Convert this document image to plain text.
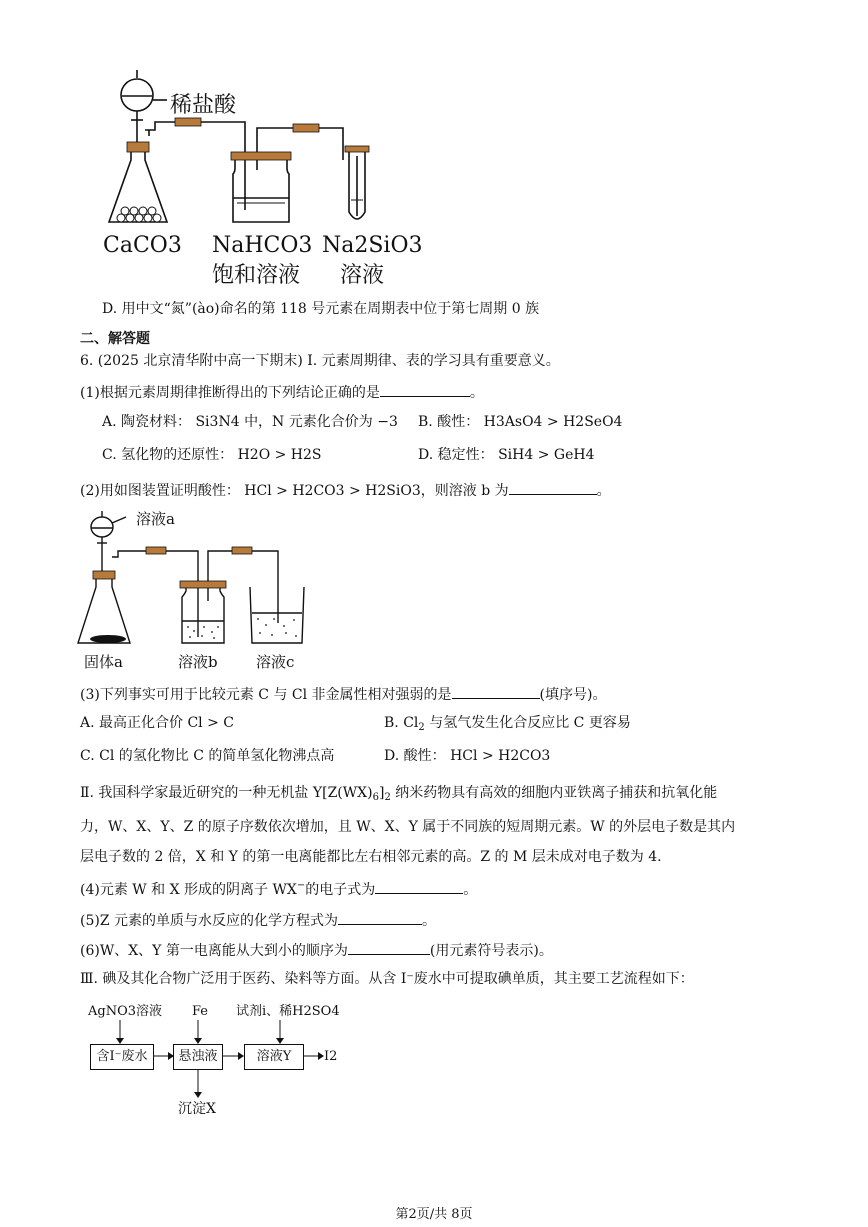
稀盐酸
CaCO3 NaHCO3
饱和溶液
Na2SiO3
溶液
D. 用中文“氮”(ào)命名的第 118 号元素在周期表中位于第七周期 0 族
二、解答题
6. (2025 北京清华附中高一下期末) Ⅰ. 元素周期律、表的学习具有重要意义。
(1)根据元素周期律推断得出的下列结论正确的是	。
A. 陶瓷材料： Si3N4 中，N 元素化合价为 −3 B. 酸性： H3AsO4 > H2SeO4
C. 氢化物的还原性： H2O > H2S	D. 稳定性： SiH4 > GeH4
(2)用如图装置证明酸性： HCl > H2CO3 > H2SiO3，则溶液 b 为	。
溶液a
固体a	溶液b	溶液c
(3)下列事实可用于比较元素 C 与 Cl 非金属性相对强弱的是	(填序号)。
A. 最高正化合价 Cl > C	B. $Cl_2$ 与氢气发生化合反应比 C 更容易
C. Cl 的氢化物比 C 的简单氢化物沸点高	D. 酸性： HCl > H2CO3
Ⅱ. 我国科学家最近研究的一种无机盐 $Y[Z(WX)_6]_2$ 纳米药物具有高效的细胞内亚铁离子捕获和抗氧化能
力，W、X、Y、Z 的原子序数依次增加，且 W、X、Y 属于不同族的短周期元素。W 的外层电子数是其内
层电子数的 2 倍，X 和 Y 的第一电离能都比左右相邻元素的高。Z 的 M 层未成对电子数为 4.
(4)元素 W 和 X 形成的阴离子 WX−的电子式为	。
(5)Z 元素的单质与水反应的化学方程式为	。
(6)W、X、Y 第一电离能从大到小的顺序为	(用元素符号表示)。
Ⅲ. 碘及其化合物广泛用于医药、染料等方面。从含 I⁻废水中可提取碘单质，其主要工艺流程如下：
AgNO3溶液 Fe 试剂i、稀H2SO4
含I⁻废水	悬浊液	溶液Y	I2
沉淀X
第2页/共 8页
